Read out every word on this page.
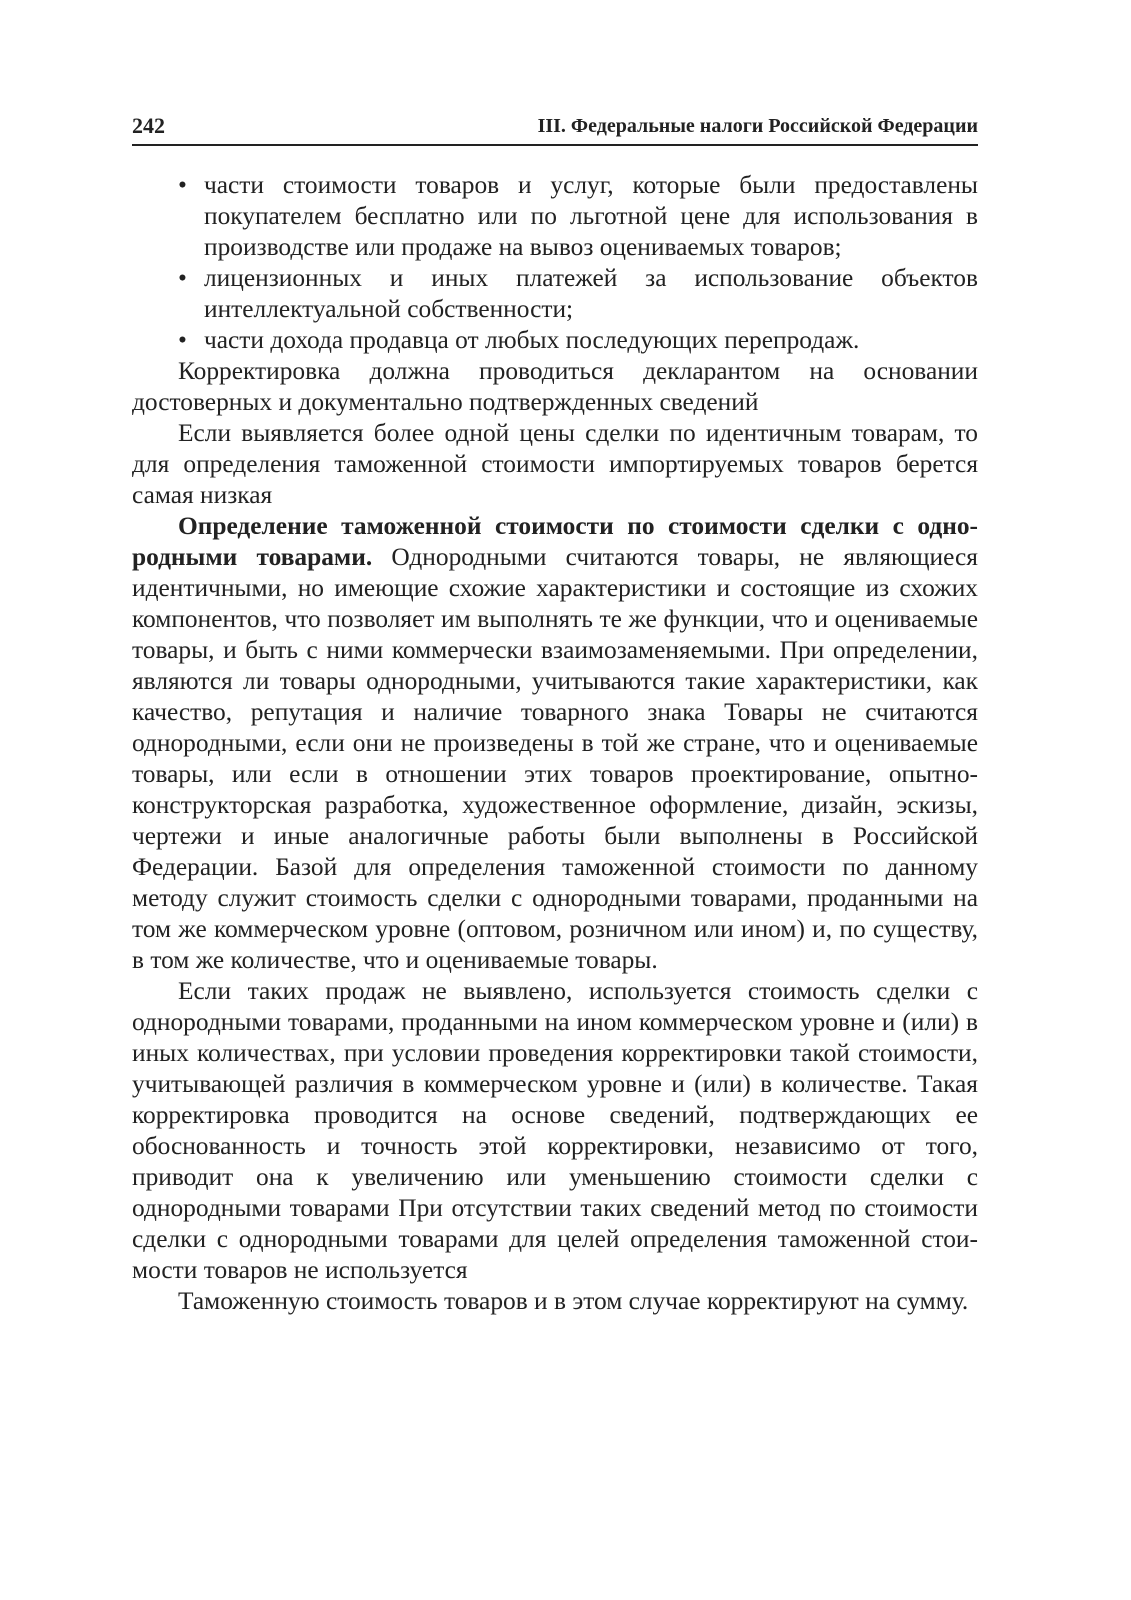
242	III. Федеральные налоги Российской Федерации
• части стоимости товаров и услуг, которые были предоставлены покупателем бесплатно или по льготной цене для использования в производстве или продаже на вывоз оцениваемых товаров;
• лицензионных и иных платежей за использование объектов интеллектуальной собственности;
• части дохода продавца от любых последующих перепродаж.

Корректировка должна проводиться декларантом на основании достоверных и документально подтвержденных сведений

Если выявляется более одной цены сделки по идентичным товарам, то для определения таможенной стоимости импортируемых товаров берется самая низкая

Определение таможенной стоимости по стоимости сделки с однородными товарами. Однородными считаются товары, не являющиеся идентичными, но имеющие схожие характеристики и состоящие из схожих компонентов, что позволяет им выполнять те же функции, что и оцениваемые товары, и быть с ними коммерчески взаимозаменяемыми. При определении, являются ли товары однородными, учитываются такие характеристики, как качество, репутация и наличие товарного знака Товары не считаются однородными, если они не произведены в той же стране, что и оцениваемые товары, или если в отношении этих товаров проектирование, опытно-конструкторская разработка, художественное оформление, дизайн, эскизы, чертежи и иные аналогичные работы были выполнены в Российской Федерации. Базой для определения таможенной стоимости по данному методу служит стоимость сделки с однородными товарами, проданными на том же коммерческом уровне (оптовом, розничном или ином) и, по существу, в том же количестве, что и оцениваемые товары.

Если таких продаж не выявлено, используется стоимость сделки с однородными товарами, проданными на ином коммерческом уровне и (или) в иных количествах, при условии проведения корректировки такой стоимости, учитывающей различия в коммерческом уровне и (или) в количестве. Такая корректировка проводится на основе сведений, подтверждающих ее обоснованность и точность этой корректировки, независимо от того, приводит она к увеличению или уменьшению стоимости сделки с однородными товарами При отсутствии таких сведений метод по стоимости сделки с однородными товарами для целей определения таможенной стоимости товаров не используется

Таможенную стоимость товаров и в этом случае корректируют на сумму.
